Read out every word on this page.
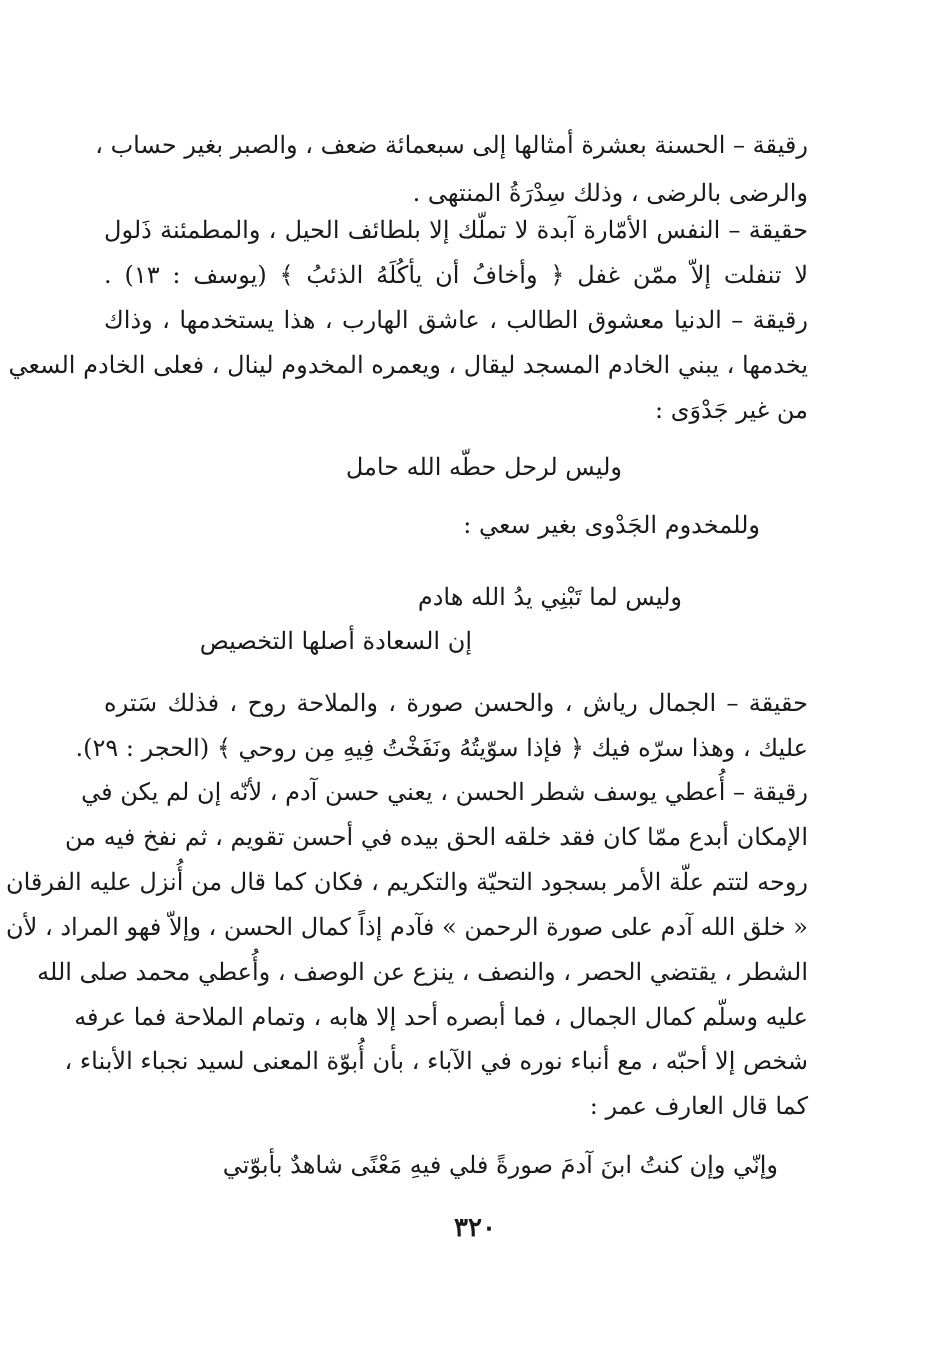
رقيقة – الحسنة بعشرة أمثالها إلى سبعمائة ضعف ، والصبر بغير حساب ،
والرضى بالرضى ، وذلك سِدْرَةُ المنتهى .
حقيقة – النفس الأمّارة آبدة لا تملّك إلا بلطائف الحيل ، والمطمئنة ذَلول
لا تنفلت إلاّ ممّن غفل ﴿ وأخافُ أن يأكُلَهُ الذئبُ ﴾ (يوسف : ١٣) .
رقيقة – الدنيا معشوق الطالب ، عاشق الهارب ، هذا يستخدمها ، وذاك
يخدمها ، يبني الخادم المسجد ليقال ، ويعمره المخدوم لينال ، فعلى الخادم السعي
من غير جَدْوَى :
وليس لرحل حطّه الله حامل
وللمخدوم الجَدْوى بغير سعي :
وليس لما تَبْنِي يدُ الله هادم
إن السعادة أصلها التخصيص
حقيقة – الجمال رياش ، والحسن صورة ، والملاحة روح ، فذلك سَتره
عليك ، وهذا سرّه فيك ﴿ فإذا سوّيتُهُ ونَفَخْتُ فِيهِ مِن روحي ﴾ (الحجر : ٢٩).
رقيقة – أُعطي يوسف شطر الحسن ، يعني حسن آدم ، لأنّه إن لم يكن في
الإمكان أبدع ممّا كان فقد خلقه الحق بيده في أحسن تقويم ، ثم نفخ فيه من
روحه لتتم علّة الأمر بسجود التحيّة والتكريم ، فكان كما قال من أُنزل عليه الفرقان
« خلق الله آدم على صورة الرحمن » فآدم إذاً كمال الحسن ، وإلاّ فهو المراد ، لأن
الشطر ، يقتضي الحصر ، والنصف ، ينزع عن الوصف ، وأُعطي محمد صلى الله
عليه وسلّم كمال الجمال ، فما أبصره أحد إلا هابه ، وتمام الملاحة فما عرفه
شخص إلا أحبّه ، مع أنباء نوره في الآباء ، بأن أُبوّة المعنى لسيد نجباء الأبناء ،
كما قال العارف عمر :
وإنّي وإن كنتُ ابنَ آدمَ صورةً فلي فيهِ مَعْنًى شاهدٌ بأبوّتي
٣٢٠
